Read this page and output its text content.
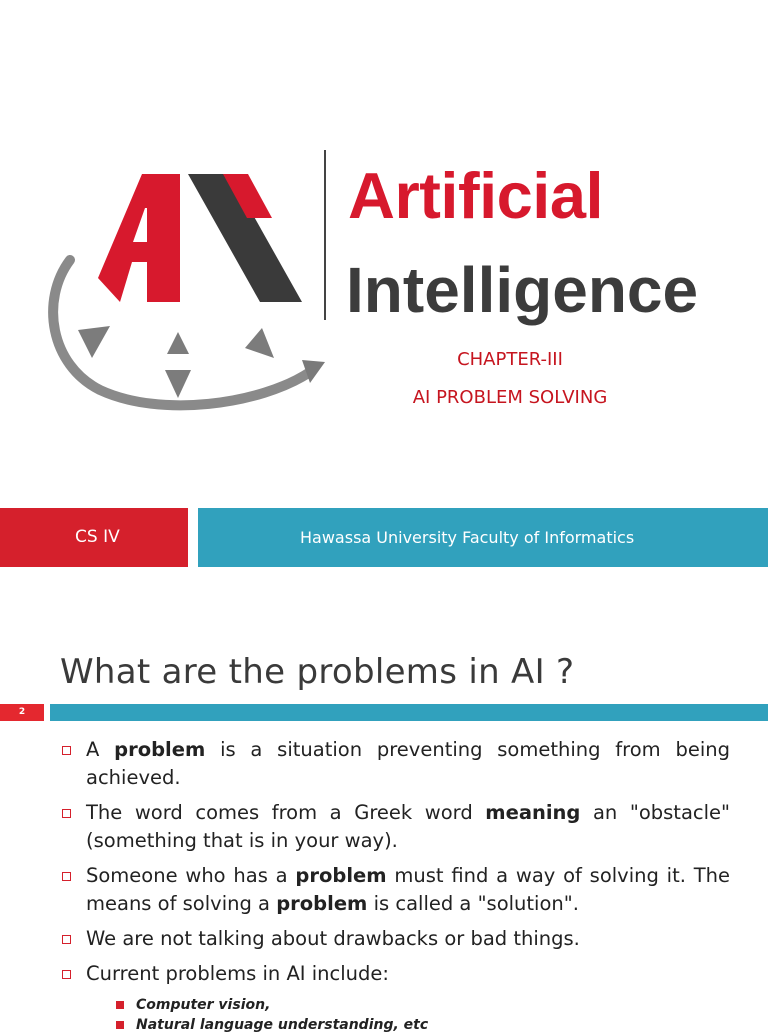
Artificial
Intelligence
CHAPTER-III
AI PROBLEM SOLVING
CS IV	Hawassa University Faculty of Informatics
What are the problems in AI ?
2
A problem is a situation preventing something from being achieved.
The word comes from a Greek word meaning an "obstacle" (something that is in your way).
Someone who has a problem must find a way of solving it. The means of solving a problem is called a "solution".
We are not talking about drawbacks or bad things.
Current problems in AI include:
Computer vision,
Natural language understanding, etc
